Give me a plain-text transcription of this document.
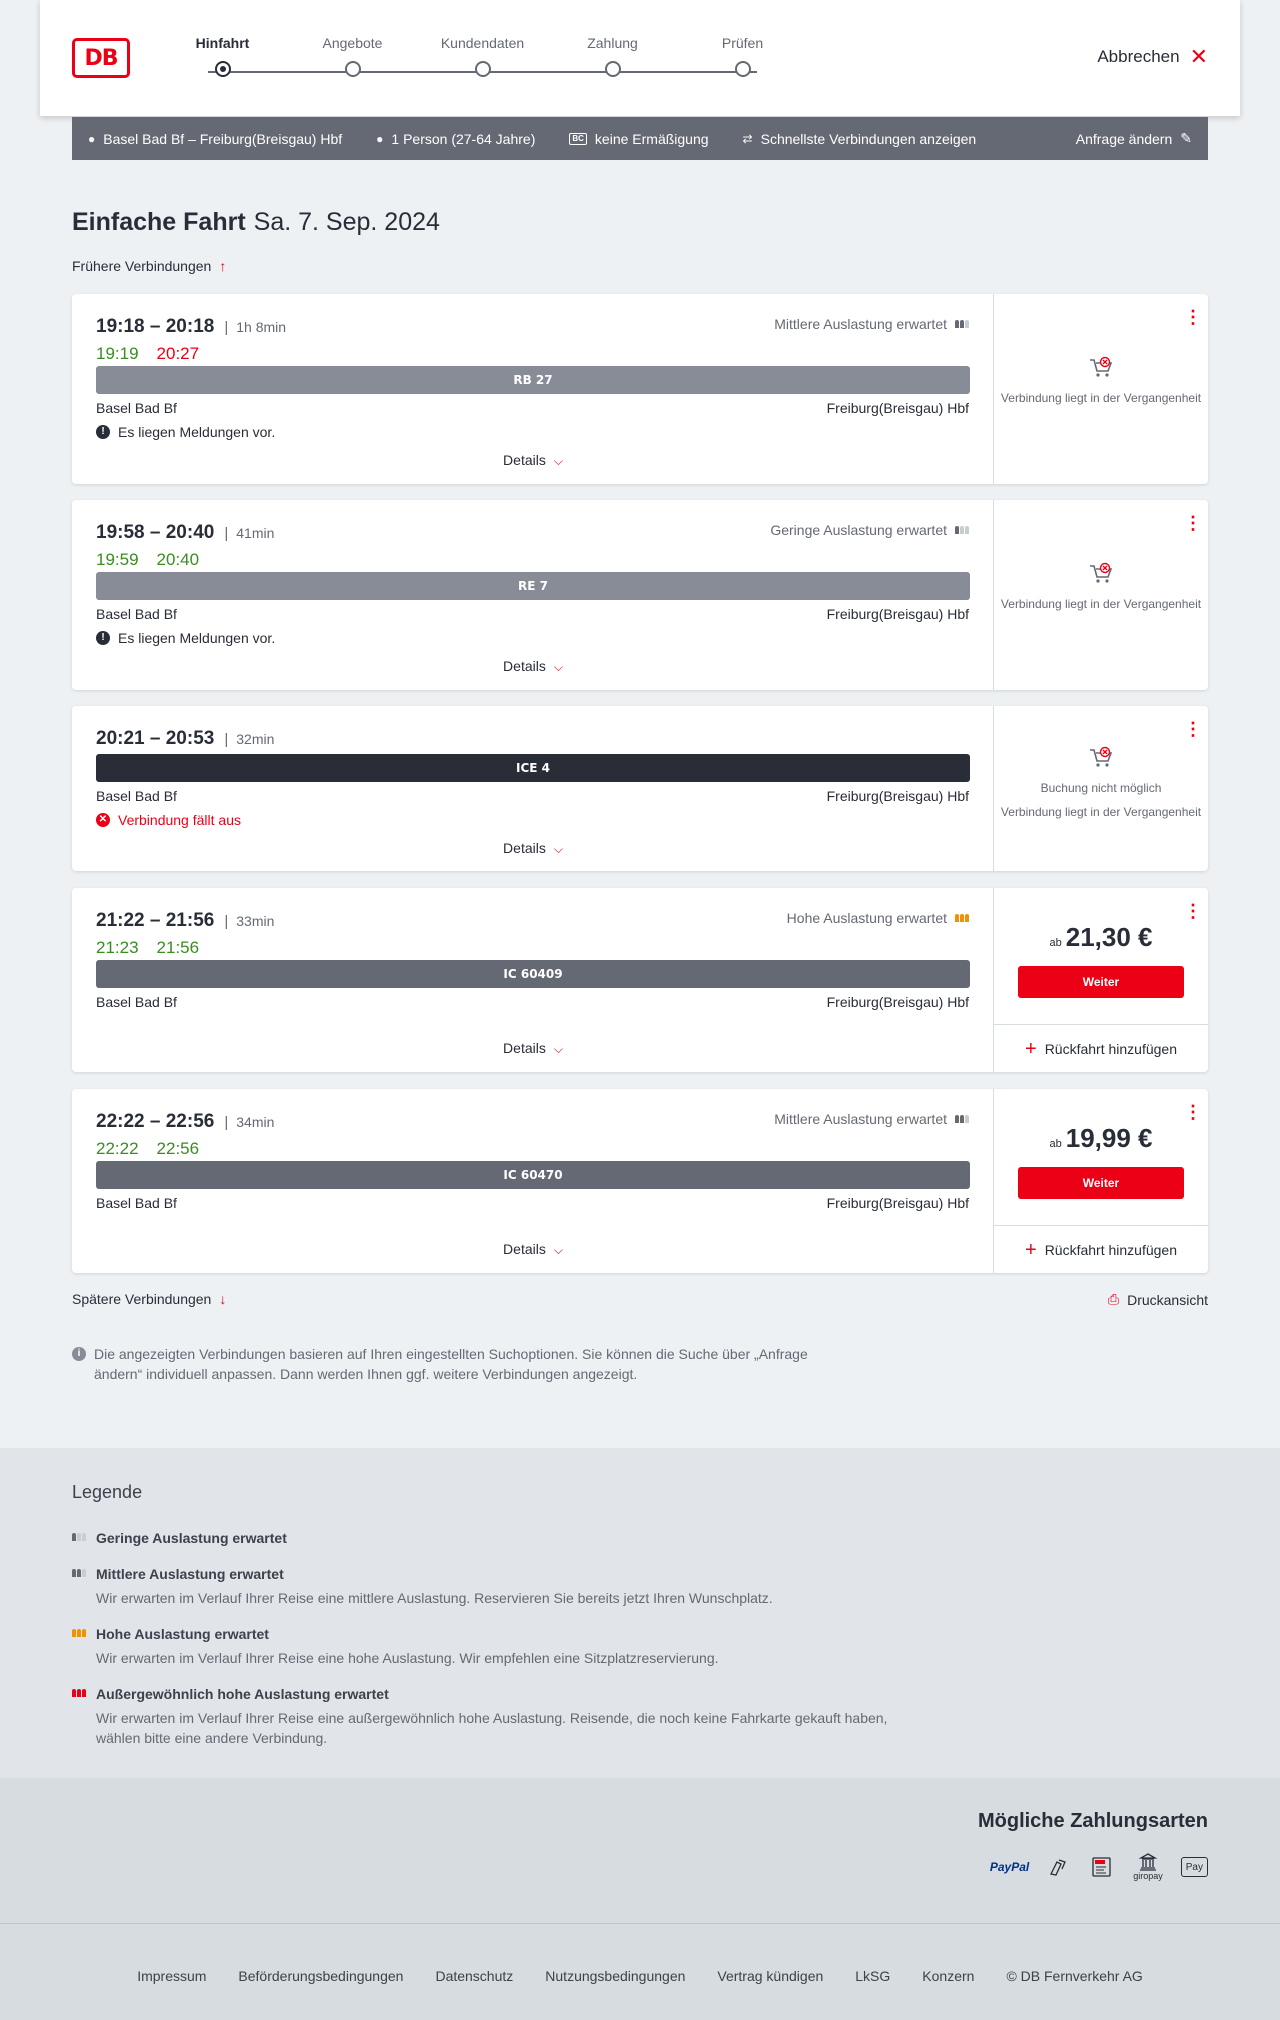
DB
Hinfahrt	Angebote	Kundendaten	Zahlung	Prüfen
Abbrechen ✕
● Basel Bad Bf – Freiburg(Breisgau) Hbf	● 1 Person (27-64 Jahre)	BC keine Ermäßigung	⇄ Schnellste Verbindungen anzeigen	Anfrage ändern ✎
Einfache Fahrt Sa. 7. Sep. 2024
Frühere Verbindungen ↑
19:18 – 20:18 | 1h 8min
19:19 20:27
Mittlere Auslastung erwartet
RB 27
Basel Bad Bf	Freiburg(Breisgau) Hbf
! Es liegen Meldungen vor.
Details ⌵
⋮
Verbindung liegt in der Vergangenheit
19:58 – 20:40 | 41min
19:59 20:40
Geringe Auslastung erwartet
RE 7
Basel Bad Bf	Freiburg(Breisgau) Hbf
! Es liegen Meldungen vor.
Details ⌵
⋮
Verbindung liegt in der Vergangenheit
20:21 – 20:53 | 32min
ICE 4
Basel Bad Bf	Freiburg(Breisgau) Hbf
✕ Verbindung fällt aus
Details ⌵
⋮
Buchung nicht möglich
Verbindung liegt in der Vergangenheit
21:22 – 21:56 | 33min
21:23 21:56
Hohe Auslastung erwartet
IC 60409
Basel Bad Bf	Freiburg(Breisgau) Hbf
Details ⌵
⋮
ab 21,30 €
Weiter
+ Rückfahrt hinzufügen
22:22 – 22:56 | 34min
22:22 22:56
Mittlere Auslastung erwartet
IC 60470
Basel Bad Bf	Freiburg(Breisgau) Hbf
Details ⌵
⋮
ab 19,99 €
Weiter
+ Rückfahrt hinzufügen
Spätere Verbindungen ↓	⎙ Druckansicht
i Die angezeigten Verbindungen basieren auf Ihren eingestellten Suchoptionen. Sie können die Suche über „Anfrage ändern“ individuell anpassen. Dann werden Ihnen ggf. weitere Verbindungen angezeigt.
Legende
Geringe Auslastung erwartet
Mittlere Auslastung erwartet
Wir erwarten im Verlauf Ihrer Reise eine mittlere Auslastung. Reservieren Sie bereits jetzt Ihren Wunschplatz.
Hohe Auslastung erwartet
Wir erwarten im Verlauf Ihrer Reise eine hohe Auslastung. Wir empfehlen eine Sitzplatzreservierung.
Außergewöhnlich hohe Auslastung erwartet
Wir erwarten im Verlauf Ihrer Reise eine außergewöhnlich hohe Auslastung. Reisende, die noch keine Fahrkarte gekauft haben, wählen bitte eine andere Verbindung.
Mögliche Zahlungsarten
PayPal
giropay
Pay
Impressum Beförderungsbedingungen Datenschutz Nutzungsbedingungen Vertrag kündigen LkSG Konzern © DB Fernverkehr AG
